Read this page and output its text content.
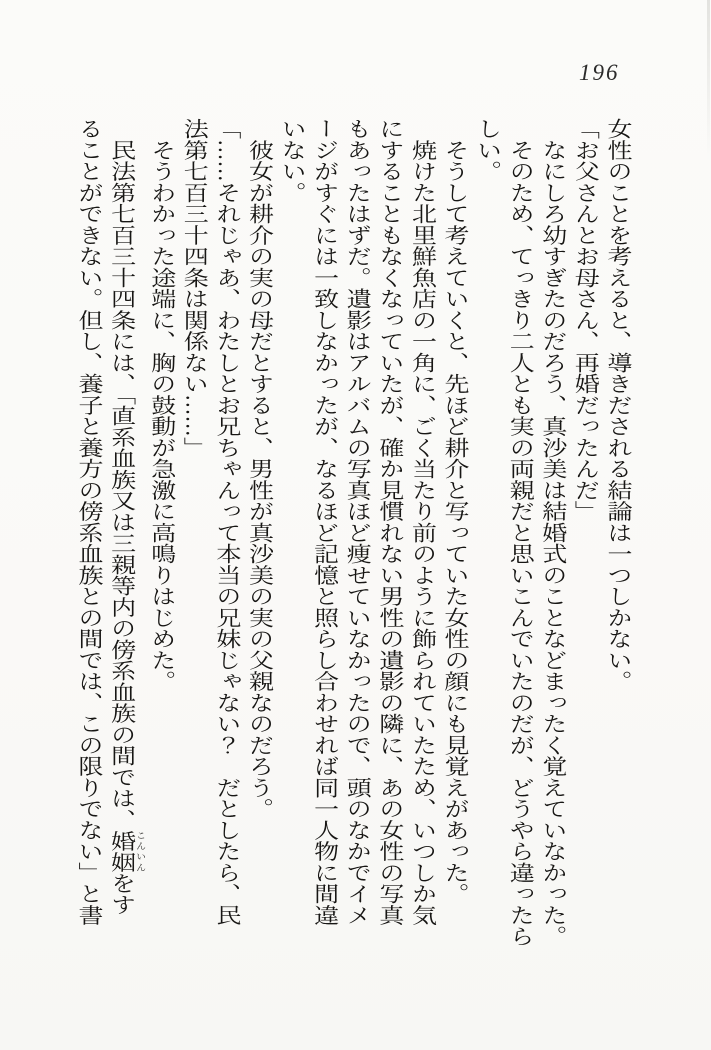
196

女性のことを考えると、導きだされる結論は一つしかない。

「お父さんとお母さん、再婚だったんだ」

なにしろ幼すぎたのだろう、真沙美は結婚式のことなどまったく覚えていなかった。

そのため、てっきり二人とも実の両親だと思いこんでいたのだが、どうやら違ったら

しい。

そうして考えていくと、先ほど耕介と写っていた女性の顔にも見覚えがあった。

焼けた北里鮮魚店の一角に、ごく当たり前のように飾られていたため、いつしか気

にすることもなくなっていたが、確か見慣れない男性の遺影の隣に、あの女性の写真

もあったはずだ。遺影はアルバムの写真ほど痩せていなかったので、頭のなかでイメ

ージがすぐには一致しなかったが、なるほど記憶と照らし合わせれば同一人物に間違

いない。

彼女が耕介の実の母だとすると、男性が真沙美の実の父親なのだろう。

「……それじゃあ、わたしとお兄ちゃんって本当の兄妹じゃない？　だとしたら、民

法第七百三十四条は関係ない……」

そうわかった途端に、胸の鼓動が急激に高鳴りはじめた。

民法第七百三十四条には、「直系血族又は三親等内の傍系血族の間では、婚姻 こんいんをす

ることができない。但し、養子と養方の傍系血族との間では、この限りでない」と書
